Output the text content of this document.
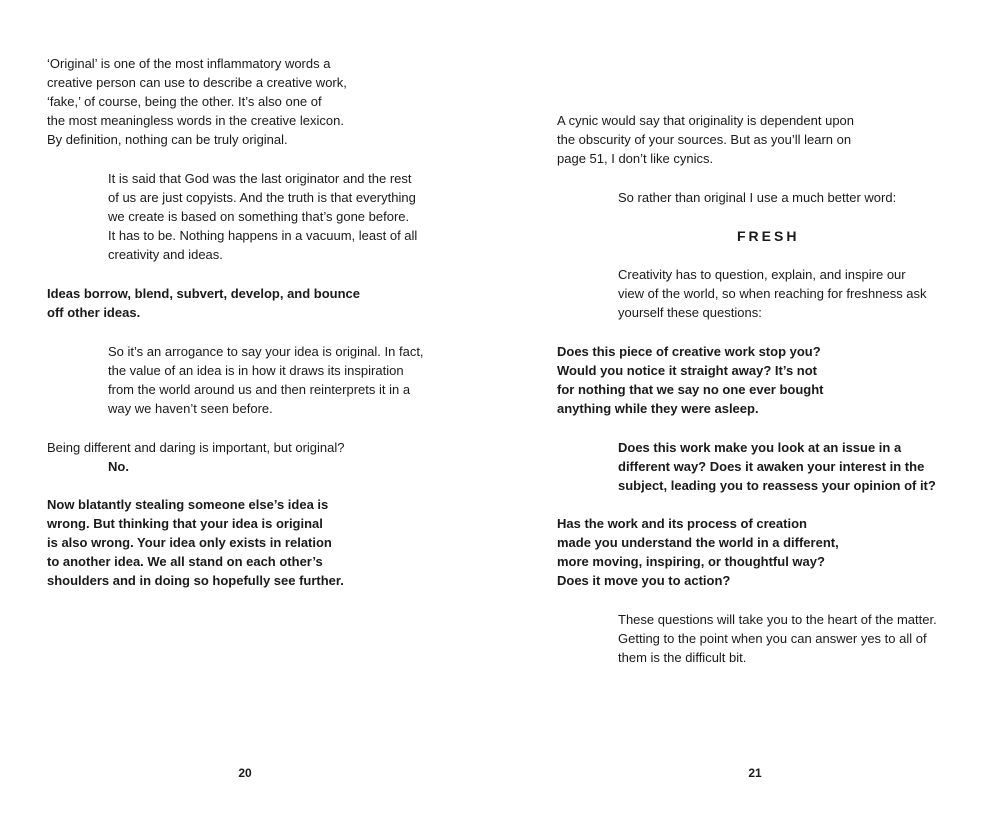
‘Original’ is one of the most inflammatory words a
creative person can use to describe a creative work,
‘fake,’ of course, being the other. It’s also one of
the most meaningless words in the creative lexicon.
By definition, nothing can be truly original.
It is said that God was the last originator and the rest
of us are just copyists. And the truth is that everything
we create is based on something that’s gone before.
It has to be. Nothing happens in a vacuum, least of all
creativity and ideas.
Ideas borrow, blend, subvert, develop, and bounce
off other ideas.
So it’s an arrogance to say your idea is original. In fact,
the value of an idea is in how it draws its inspiration
from the world around us and then reinterprets it in a
way we haven’t seen before.
Being different and daring is important, but original?
No.
Now blatantly stealing someone else’s idea is
wrong. But thinking that your idea is original
is also wrong. Your idea only exists in relation
to another idea. We all stand on each other’s
shoulders and in doing so hopefully see further.
20
A cynic would say that originality is dependent upon
the obscurity of your sources. But as you’ll learn on
page 51, I don’t like cynics.
So rather than original I use a much better word:
FRESH
Creativity has to question, explain, and inspire our
view of the world, so when reaching for freshness ask
yourself these questions:
Does this piece of creative work stop you?
Would you notice it straight away? It’s not
for nothing that we say no one ever bought
anything while they were asleep.
Does this work make you look at an issue in a
different way? Does it awaken your interest in the
subject, leading you to reassess your opinion of it?
Has the work and its process of creation
made you understand the world in a different,
more moving, inspiring, or thoughtful way?
Does it move you to action?
These questions will take you to the heart of the matter.
Getting to the point when you can answer yes to all of
them is the difficult bit.
21
